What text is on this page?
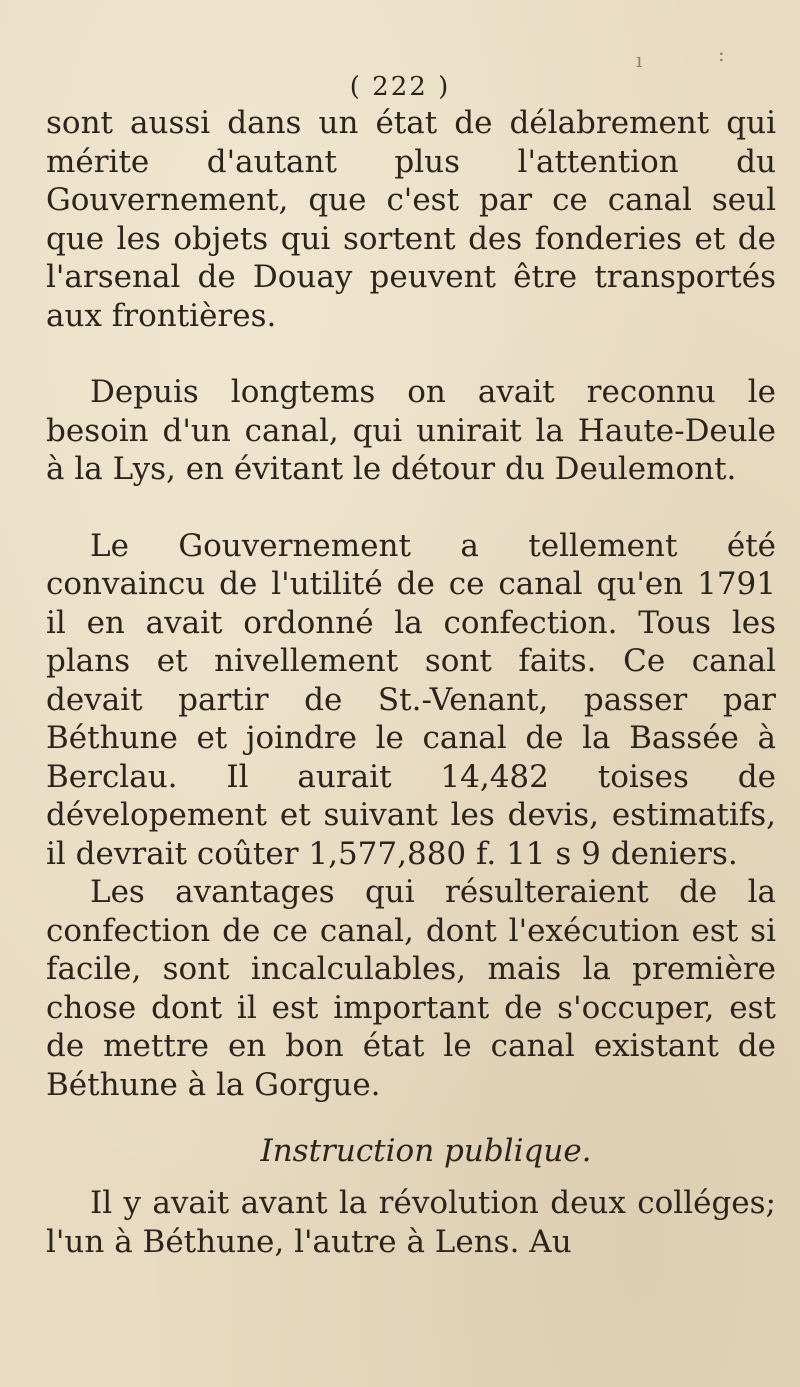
( 222 )
ı	:

sont aussi dans un état de délabrement qui mérite d'autant plus l'attention du Gouvernement, que c'est par ce canal seul que les objets qui sortent des fonderies et de l'arsenal de Douay peuvent être transportés aux frontières.

Depuis longtems on avait reconnu le besoin d'un canal, qui unirait la Haute-Deule à la Lys, en évitant le détour du Deulemont.

Le Gouvernement a tellement été convaincu de l'utilité de ce canal qu'en 1791 il en avait ordonné la confection. Tous les plans et nivellement sont faits. Ce canal devait partir de St.-Venant, passer par Béthune et joindre le canal de la Bassée à Berclau. Il aurait 14,482 toises de dévelopement et suivant les devis, estimatifs, il devrait coûter 1,577,880 f. 11 s 9 deniers.

Les avantages qui résulteraient de la confection de ce canal, dont l'exécution est si facile, sont incalculables, mais la première chose dont il est important de s'occuper, est de mettre en bon état le canal existant de Béthune à la Gorgue.

Instruction publique.

Il y avait avant la révolution deux colléges; l'un à Béthune, l'autre à Lens. Au
